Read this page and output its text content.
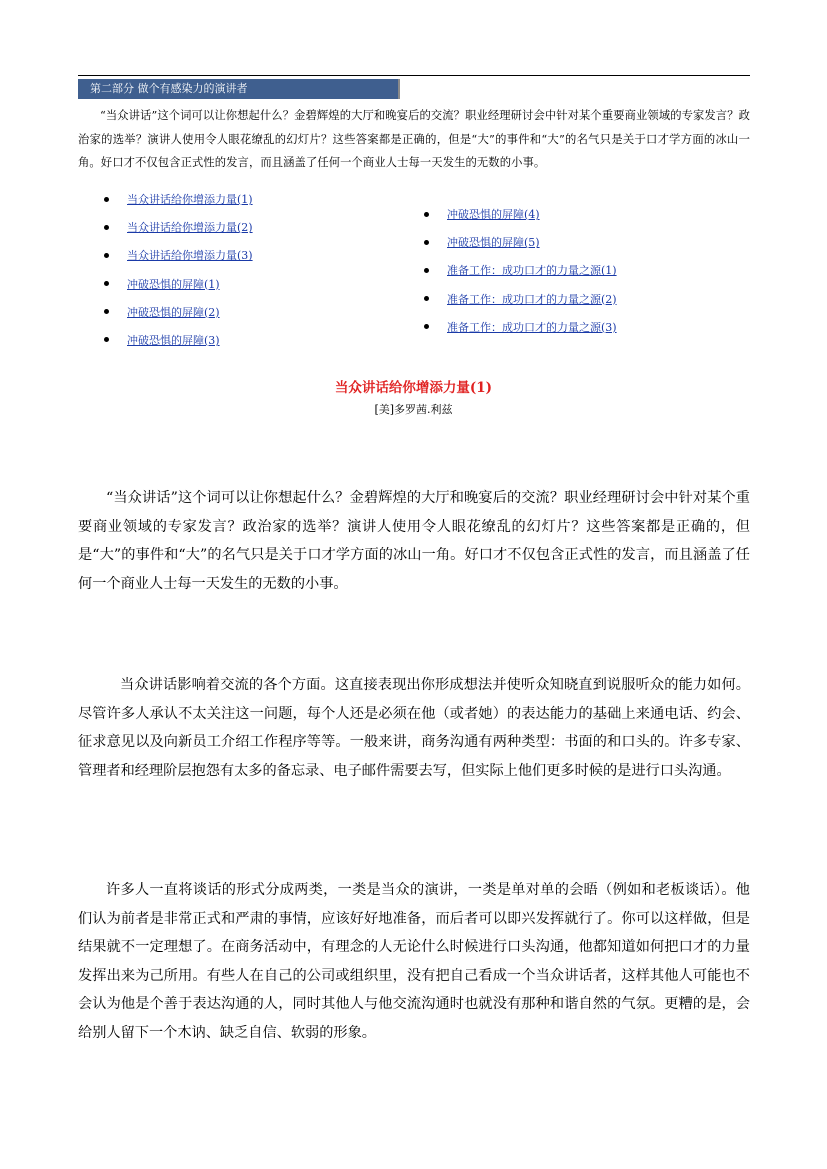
第二部分 做个有感染力的演讲者

“当众讲话”这个词可以让你想起什么？金碧辉煌的大厅和晚宴后的交流？职业经理研讨会中针对某个重要商业领域的专家发言？政治家的选举？演讲人使用令人眼花缭乱的幻灯片？这些答案都是正确的，但是“大”的事件和“大”的名气只是关于口才学方面的冰山一角。好口才不仅包含正式性的发言，而且涵盖了任何一个商业人士每一天发生的无数的小事。

当众讲话给你增添力量(1)
当众讲话给你增添力量(2)
当众讲话给你增添力量(3)
冲破恐惧的屏障(1)
冲破恐惧的屏障(2)
冲破恐惧的屏障(3)
冲破恐惧的屏障(4)
冲破恐惧的屏障(5)
准备工作：成功口才的力量之源(1)
准备工作：成功口才的力量之源(2)
准备工作：成功口才的力量之源(3)
当众讲话给你增添力量(1)

[美]多罗茜.利兹

“当众讲话”这个词可以让你想起什么？金碧辉煌的大厅和晚宴后的交流？职业经理研讨会中针对某个重要商业领域的专家发言？政治家的选举？演讲人使用令人眼花缭乱的幻灯片？这些答案都是正确的，但是“大”的事件和“大”的名气只是关于口才学方面的冰山一角。好口才不仅包含正式性的发言，而且涵盖了任何一个商业人士每一天发生的无数的小事。

当众讲话影响着交流的各个方面。这直接表现出你形成想法并使听众知晓直到说服听众的能力如何。尽管许多人承认不太关注这一问题，每个人还是必须在他（或者她）的表达能力的基础上来通电话、约会、征求意见以及向新员工介绍工作程序等等。一般来讲，商务沟通有两种类型：书面的和口头的。许多专家、管理者和经理阶层抱怨有太多的备忘录、电子邮件需要去写，但实际上他们更多时候的是进行口头沟通。

许多人一直将谈话的形式分成两类，一类是当众的演讲，一类是单对单的会晤（例如和老板谈话）。他们认为前者是非常正式和严肃的事情，应该好好地准备，而后者可以即兴发挥就行了。你可以这样做，但是结果就不一定理想了。在商务活动中，有理念的人无论什么时候进行口头沟通，他都知道如何把口才的力量发挥出来为己所用。有些人在自己的公司或组织里，没有把自己看成一个当众讲话者，这样其他人可能也不会认为他是个善于表达沟通的人，同时其他人与他交流沟通时也就没有那种和谐自然的气氛。更糟的是，会给别人留下一个木讷、缺乏自信、软弱的形象。
